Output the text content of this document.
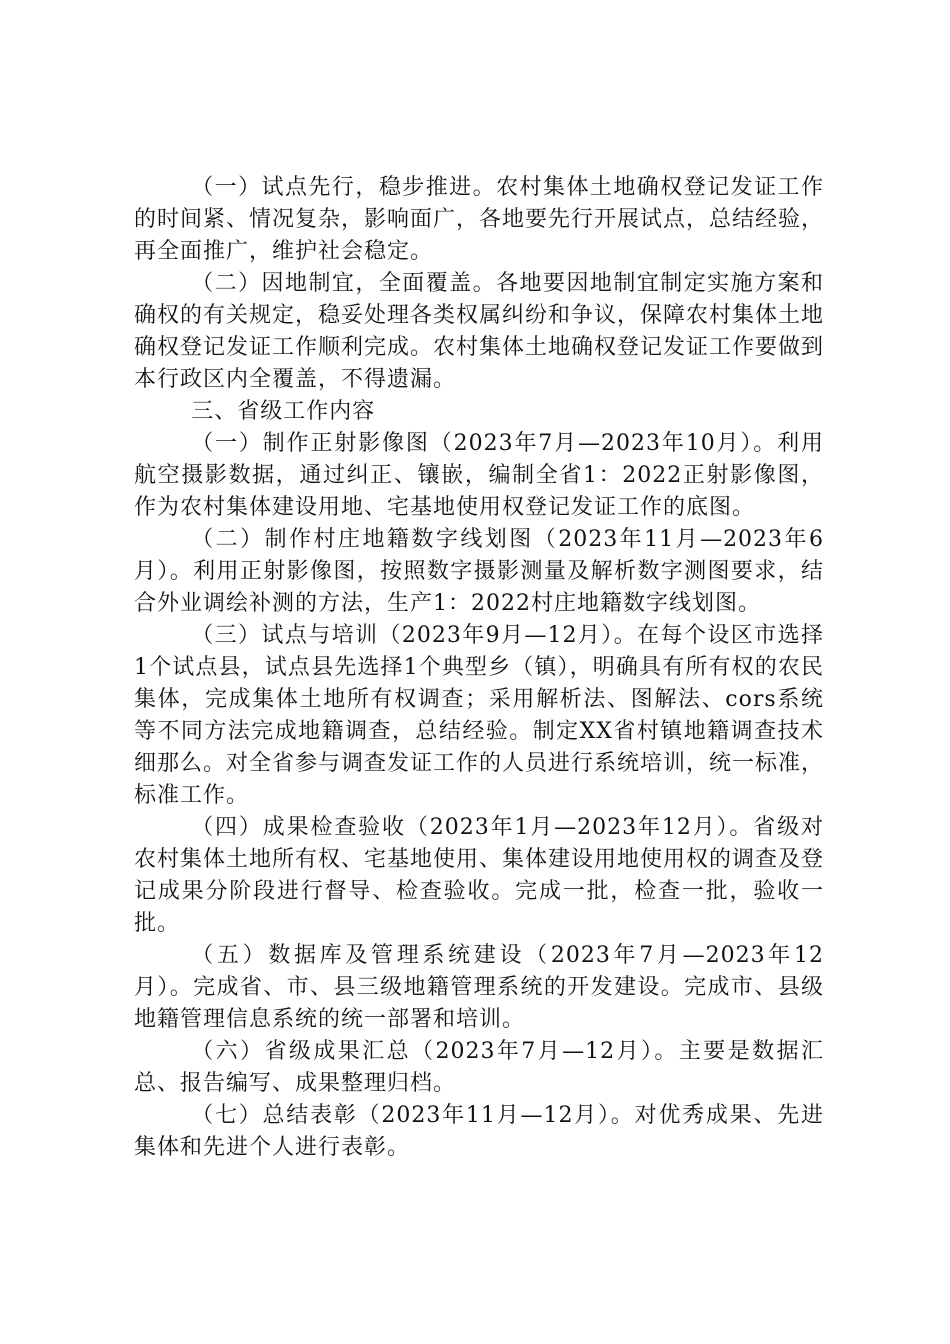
（一）试点先行，稳步推进。农村集体土地确权登记发证工作的时间紧、情况复杂，影响面广，各地要先行开展试点，总结经验，再全面推广，维护社会稳定。

（二）因地制宜，全面覆盖。各地要因地制宜制定实施方案和确权的有关规定，稳妥处理各类权属纠纷和争议，保障农村集体土地确权登记发证工作顺利完成。农村集体土地确权登记发证工作要做到本行政区内全覆盖，不得遗漏。

三、省级工作内容

（一）制作正射影像图（2023年7月—2023年10月）。利用航空摄影数据，通过纠正、镶嵌，编制全省1：2022正射影像图，作为农村集体建设用地、宅基地使用权登记发证工作的底图。

（二）制作村庄地籍数字线划图（2023年11月—2023年6月）。利用正射影像图，按照数字摄影测量及解析数字测图要求，结合外业调绘补测的方法，生产1：2022村庄地籍数字线划图。

（三）试点与培训（2023年9月—12月）。在每个设区市选择1个试点县，试点县先选择1个典型乡（镇），明确具有所有权的农民集体，完成集体土地所有权调查；采用解析法、图解法、cors系统等不同方法完成地籍调查，总结经验。制定XX省村镇地籍调查技术细那么。对全省参与调查发证工作的人员进行系统培训，统一标准，标准工作。

（四）成果检查验收（2023年1月—2023年12月）。省级对农村集体土地所有权、宅基地使用、集体建设用地使用权的调查及登记成果分阶段进行督导、检查验收。完成一批，检查一批，验收一批。

（五）数据库及管理系统建设（2023年7月—2023年12月）。完成省、市、县三级地籍管理系统的开发建设。完成市、县级地籍管理信息系统的统一部署和培训。

（六）省级成果汇总（2023年7月—12月）。主要是数据汇总、报告编写、成果整理归档。

（七）总结表彰（2023年11月—12月）。对优秀成果、先进集体和先进个人进行表彰。
